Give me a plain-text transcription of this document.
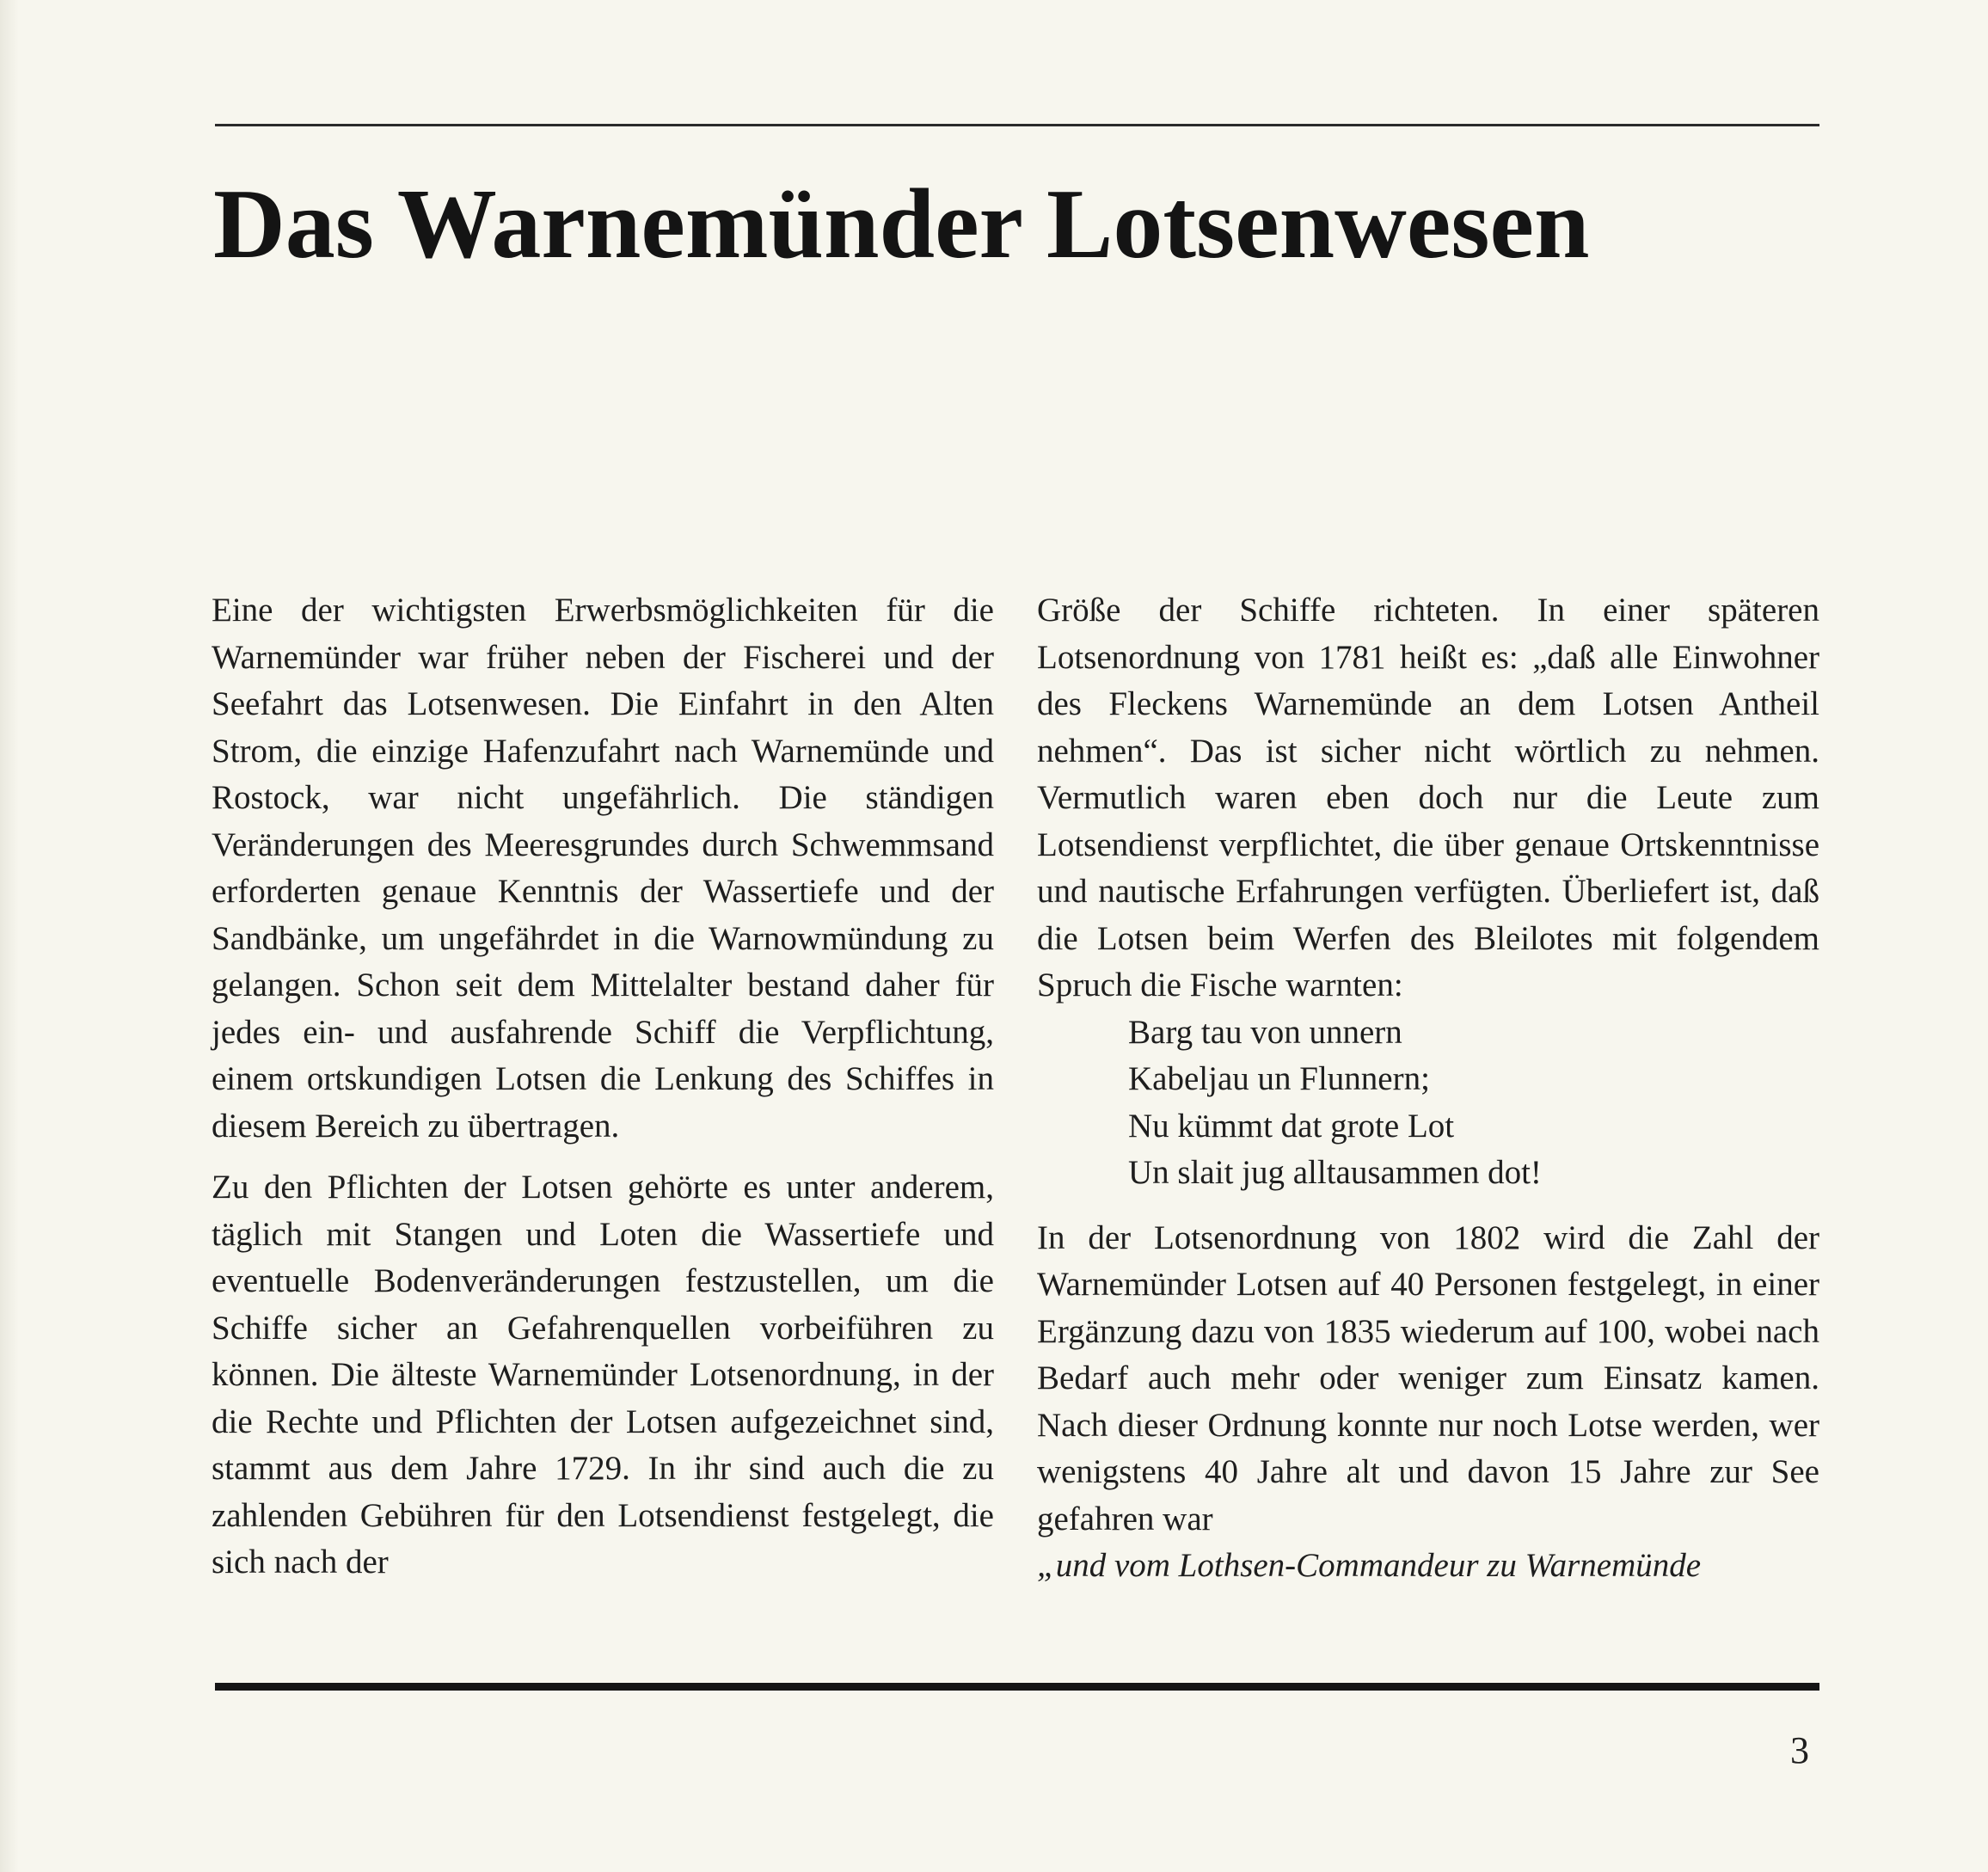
Das Warnemünder Lotsenwesen

Eine der wichtigsten Erwerbsmöglichkeiten für die Warnemünder war früher neben der Fischerei und der Seefahrt das Lotsenwesen. Die Einfahrt in den Alten Strom, die einzige Hafenzufahrt nach Warnemünde und Rostock, war nicht ungefährlich. Die ständigen Veränderungen des Meeresgrundes durch Schwemmsand erforderten genaue Kenntnis der Wassertiefe und der Sandbänke, um ungefährdet in die Warnowmündung zu gelangen. Schon seit dem Mittelalter bestand daher für jedes ein- und ausfahrende Schiff die Verpflichtung, einem ortskundigen Lotsen die Lenkung des Schiffes in diesem Bereich zu übertragen.

Zu den Pflichten der Lotsen gehörte es unter anderem, täglich mit Stangen und Loten die Wassertiefe und eventuelle Bodenveränderungen festzustellen, um die Schiffe sicher an Gefahrenquellen vorbeiführen zu können. Die älteste Warnemünder Lotsenordnung, in der die Rechte und Pflichten der Lotsen aufgezeichnet sind, stammt aus dem Jahre 1729. In ihr sind auch die zu zahlenden Gebühren für den Lotsendienst festgelegt, die sich nach der

Größe der Schiffe richteten. In einer späteren Lotsenordnung von 1781 heißt es: „daß alle Einwohner des Fleckens Warnemünde an dem Lotsen Antheil nehmen“. Das ist sicher nicht wörtlich zu nehmen. Vermutlich waren eben doch nur die Leute zum Lotsendienst verpflichtet, die über genaue Ortskenntnisse und nautische Erfahrungen verfügten. Überliefert ist, daß die Lotsen beim Werfen des Bleilotes mit folgendem Spruch die Fische warnten:

Barg tau von unnern
Kabeljau un Flunnern;
Nu kümmt dat grote Lot
Un slait jug alltausammen dot!

In der Lotsenordnung von 1802 wird die Zahl der Warnemünder Lotsen auf 40 Personen festgelegt, in einer Ergänzung dazu von 1835 wiederum auf 100, wobei nach Bedarf auch mehr oder weniger zum Einsatz kamen. Nach dieser Ordnung konnte nur noch Lotse werden, wer wenigstens 40 Jahre alt und davon 15 Jahre zur See gefahren war

„und vom Lothsen-Commandeur zu Warnemünde

3
